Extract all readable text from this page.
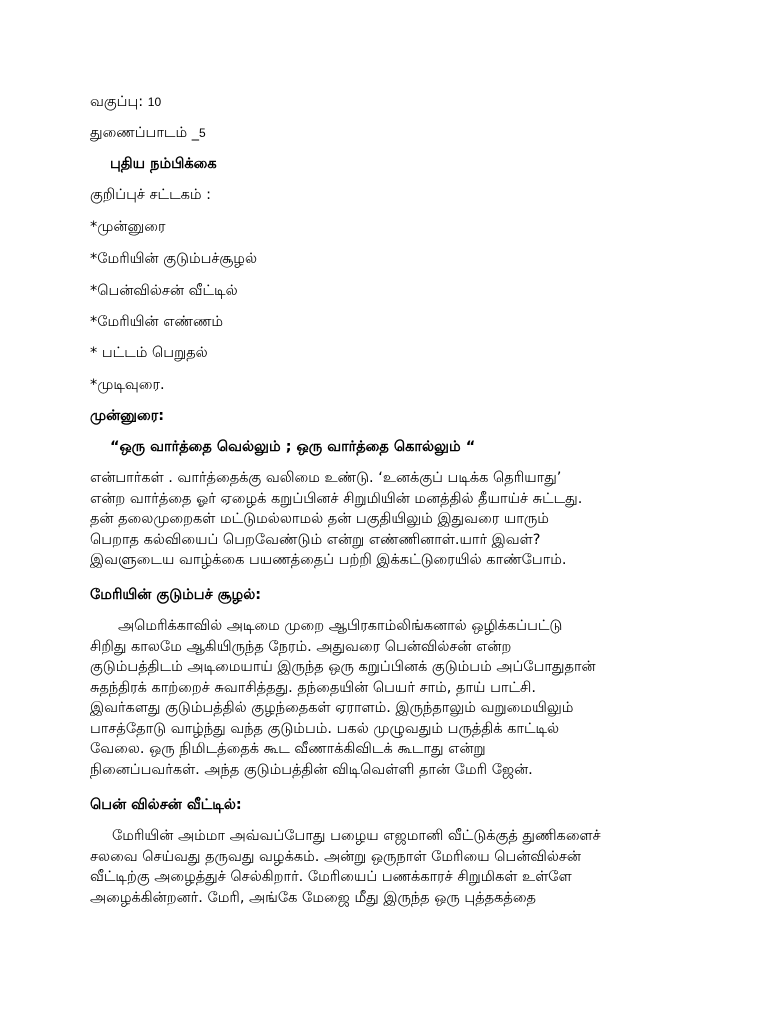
வகுப்பு: 10
துணைப்பாடம் _5
புதிய நம்பிக்கை
குறிப்புச் சட்டகம் :
*முன்னுரை
*மேரியின் குடும்பச்சூழல்
*பென்வில்சன் வீட்டில்
*மேரியின் எண்ணம்
* பட்டம் பெறுதல்
*முடிவுரை.
முன்னுரை:
“ஒரு வார்த்தை வெல்லும் ; ஒரு வார்த்தை கொல்லும் “
என்பார்கள் . வார்த்தைக்கு வலிமை உண்டு. ‘உனக்குப் படிக்க தெரியாது’
என்ற வார்த்தை ஓர் ஏழைக் கறுப்பினச் சிறுமியின் மனத்தில் தீயாய்ச் சுட்டது.
தன் தலைமுறைகள் மட்டுமல்லாமல் தன் பகுதியிலும் இதுவரை யாரும்
பெறாத கல்வியைப் பெறவேண்டும் என்று எண்ணினாள்.யார் இவள்?
இவளுடைய வாழ்க்கை பயணத்தைப் பற்றி இக்கட்டுரையில் காண்போம்.
மேரியின் குடும்பச் சூழல்:
அமெரிக்காவில் அடிமை முறை ஆபிரகாம்லிங்கனால் ஒழிக்கப்பட்டு
சிறிது காலமே ஆகியிருந்த நேரம். அதுவரை பென்வில்சன் என்ற
குடும்பத்திடம் அடிமையாய் இருந்த ஒரு கறுப்பினக் குடும்பம் அப்போதுதான்
சுதந்திரக் காற்றைச் சுவாசித்தது. தந்தையின் பெயர் சாம், தாய் பாட்சி.
இவர்களது குடும்பத்தில் குழந்தைகள் ஏராளம். இருந்தாலும் வறுமையிலும்
பாசத்தோடு வாழ்ந்து வந்த குடும்பம். பகல் முழுவதும் பருத்திக் காட்டில்
வேலை. ஒரு நிமிடத்தைக் கூட வீணாக்கிவிடக் கூடாது என்று
நினைப்பவர்கள். அந்த குடும்பத்தின் விடிவெள்ளி தான் மேரி ஜேன்.
பென் வில்சன் வீட்டில்:
மேரியின் அம்மா அவ்வப்போது பழைய எஜமானி வீட்டுக்குத் துணிகளைச்
சலவை செய்வது தருவது வழக்கம். அன்று ஒருநாள் மேரியை பென்வில்சன்
வீட்டிற்கு அழைத்துச் செல்கிறார். மேரியைப் பணக்காரச் சிறுமிகள் உள்ளே
அழைக்கின்றனர். மேரி, அங்கே மேஜை மீது இருந்த ஒரு புத்தகத்தை
